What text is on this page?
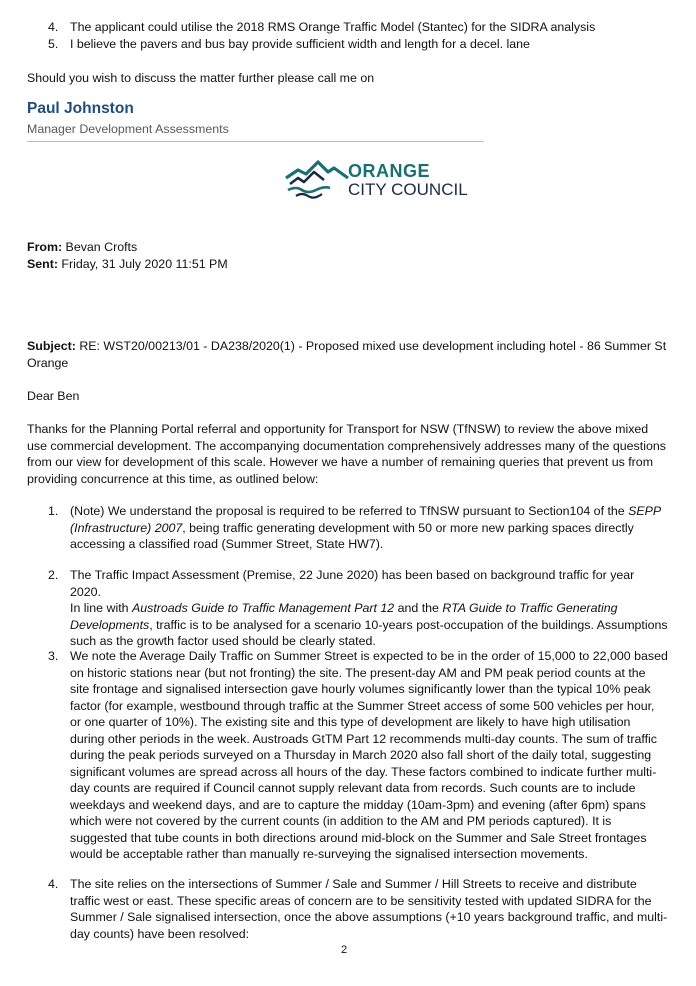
4. The applicant could utilise the 2018 RMS Orange Traffic Model (Stantec) for the SIDRA analysis
5. I believe the pavers and bus bay provide sufficient width and length for a decel. lane
Should you wish to discuss the matter further please call me on
Paul Johnston
Manager Development Assessments
ORANGE
CITY COUNCIL
From: Bevan Crofts
Sent: Friday, 31 July 2020 11:51 PM
Subject: RE: WST20/00213/01 - DA238/2020(1) - Proposed mixed use development including hotel - 86 Summer St
Orange
Dear Ben
Thanks for the Planning Portal referral and opportunity for Transport for NSW (TfNSW) to review the above mixed
use commercial development. The accompanying documentation comprehensively addresses many of the questions
from our view for development of this scale. However we have a number of remaining queries that prevent us from
providing concurrence at this time, as outlined below:
1. (Note) We understand the proposal is required to be referred to TfNSW pursuant to Section104 of the SEPP
(Infrastructure) 2007, being traffic generating development with 50 or more new parking spaces directly
accessing a classified road (Summer Street, State HW7).
2. The Traffic Impact Assessment (Premise, 22 June 2020) has been based on background traffic for year 2020.
In line with Austroads Guide to Traffic Management Part 12 and the RTA Guide to Traffic Generating
Developments, traffic is to be analysed for a scenario 10-years post-occupation of the buildings. Assumptions
such as the growth factor used should be clearly stated.
3. We note the Average Daily Traffic on Summer Street is expected to be in the order of 15,000 to 22,000 based
on historic stations near (but not fronting) the site. The present-day AM and PM peak period counts at the
site frontage and signalised intersection gave hourly volumes significantly lower than the typical 10% peak
factor (for example, westbound through traffic at the Summer Street access of some 500 vehicles per hour,
or one quarter of 10%). The existing site and this type of development are likely to have high utilisation
during other periods in the week. Austroads GtTM Part 12 recommends multi-day counts. The sum of traffic
during the peak periods surveyed on a Thursday in March 2020 also fall short of the daily total, suggesting
significant volumes are spread across all hours of the day. These factors combined to indicate further multi-
day counts are required if Council cannot supply relevant data from records. Such counts are to include
weekdays and weekend days, and are to capture the midday (10am-3pm) and evening (after 6pm) spans
which were not covered by the current counts (in addition to the AM and PM periods captured). It is
suggested that tube counts in both directions around mid-block on the Summer and Sale Street frontages
would be acceptable rather than manually re-surveying the signalised intersection movements.
4. The site relies on the intersections of Summer / Sale and Summer / Hill Streets to receive and distribute
traffic west or east. These specific areas of concern are to be sensitivity tested with updated SIDRA for the
Summer / Sale signalised intersection, once the above assumptions (+10 years background traffic, and multi-
day counts) have been resolved:
2
